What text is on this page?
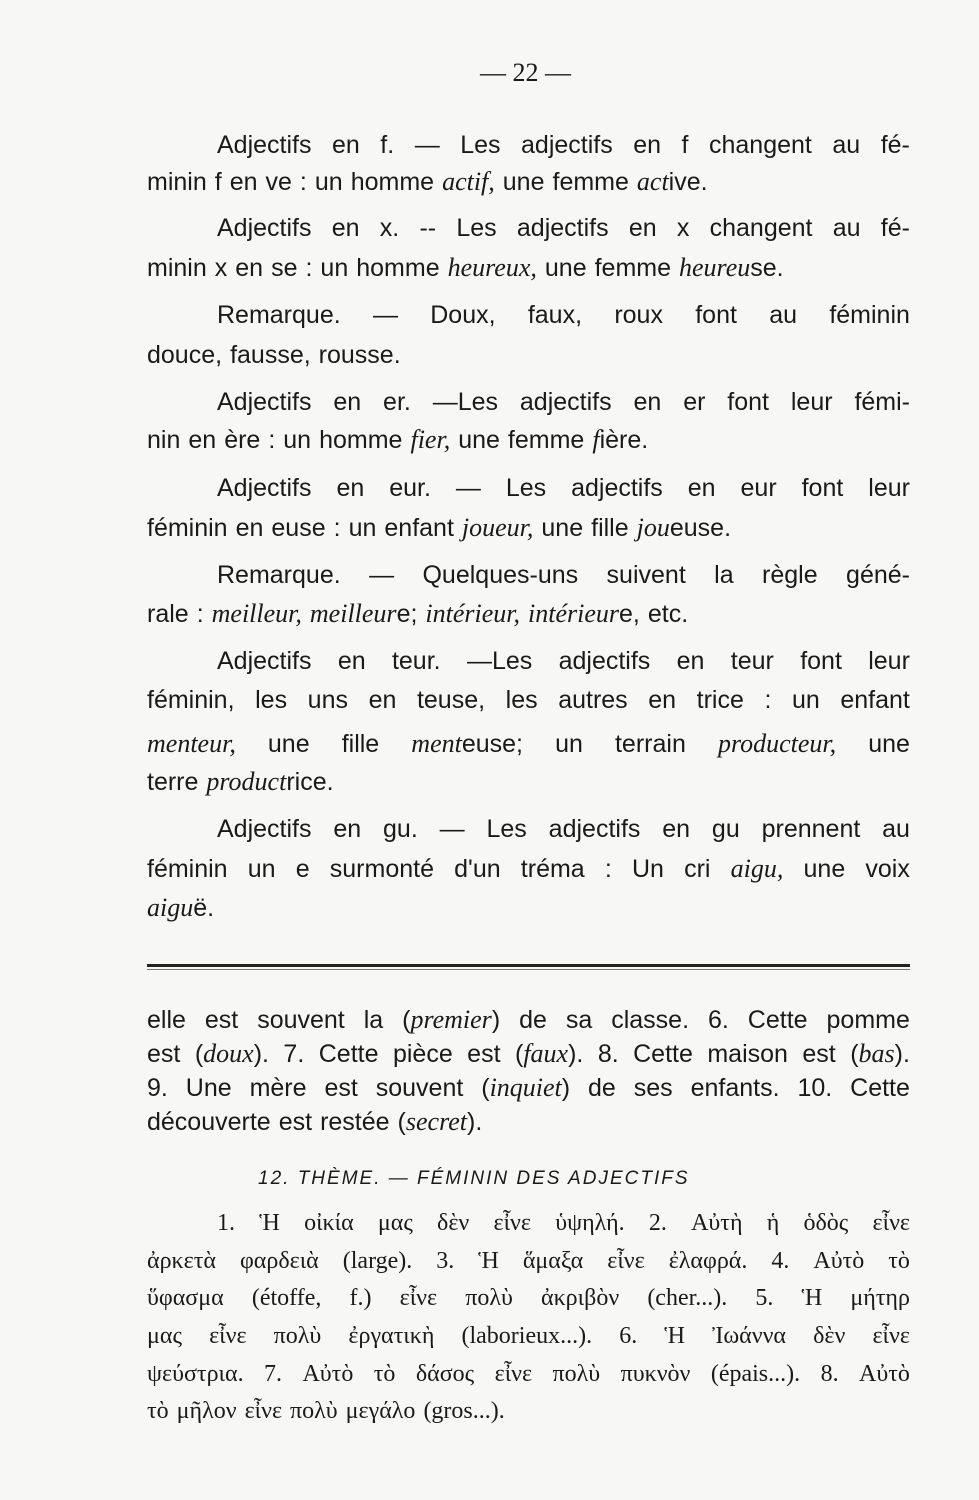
— 22 —
Adjectifs en f. — Les adjectifs en f changent au fé-
minin f en ve : un homme actif, une femme active.
Adjectifs en x. -- Les adjectifs en x changent au fé-
minin x en se : un homme heureux, une femme heureuse.
Remarque. — Doux, faux, roux font au féminin
douce, fausse, rousse.
Adjectifs en er. —Les adjectifs en er font leur fémi-
nin en ère : un homme fier, une femme fière.
Adjectifs en eur. — Les adjectifs en eur font leur
féminin en euse : un enfant joueur, une fille joueuse.
Remarque. — Quelques-uns suivent la règle géné-
rale : meilleur, meilleure; intérieur, intérieure, etc.
Adjectifs en teur. —Les adjectifs en teur font leur
féminin, les uns en teuse, les autres en trice : un enfant
menteur, une fille menteuse; un terrain producteur, une
terre productrice.
Adjectifs en gu. — Les adjectifs en gu prennent au
féminin un e surmonté d'un tréma : Un cri aigu, une voix
aiguë.
elle est souvent la (premier) de sa classe. 6. Cette pomme
est (doux). 7. Cette pièce est (faux). 8. Cette maison est (bas).
9. Une mère est souvent (inquiet) de ses enfants. 10. Cette
découverte est restée (secret).
12. THÈME. — FÉMININ DES ADJECTIFS
1. Ἡ οἰκία μας δὲν εἶνε ὑψηλή. 2. Αὐτὴ ἡ ὁδὸς εἶνε
ἀρκετὰ φαρδειὰ (large). 3. Ἡ ἅμαξα εἶνε ἐλαφρά. 4. Αὐτὸ τὸ
ὕφασμα (étoffe, f.) εἶνε πολὺ ἀκριβὸν (cher...). 5. Ἡ μήτηρ
μας εἶνε πολὺ ἐργατικὴ (laborieux...). 6. Ἡ Ἰωάννα δὲν εἶνε
ψεύστρια. 7. Αὐτὸ τὸ δάσος εἶνε πολὺ πυκνὸν (épais...). 8. Αὐτὸ
τὸ μῆλον εἶνε πολὺ μεγάλο (gros...).
